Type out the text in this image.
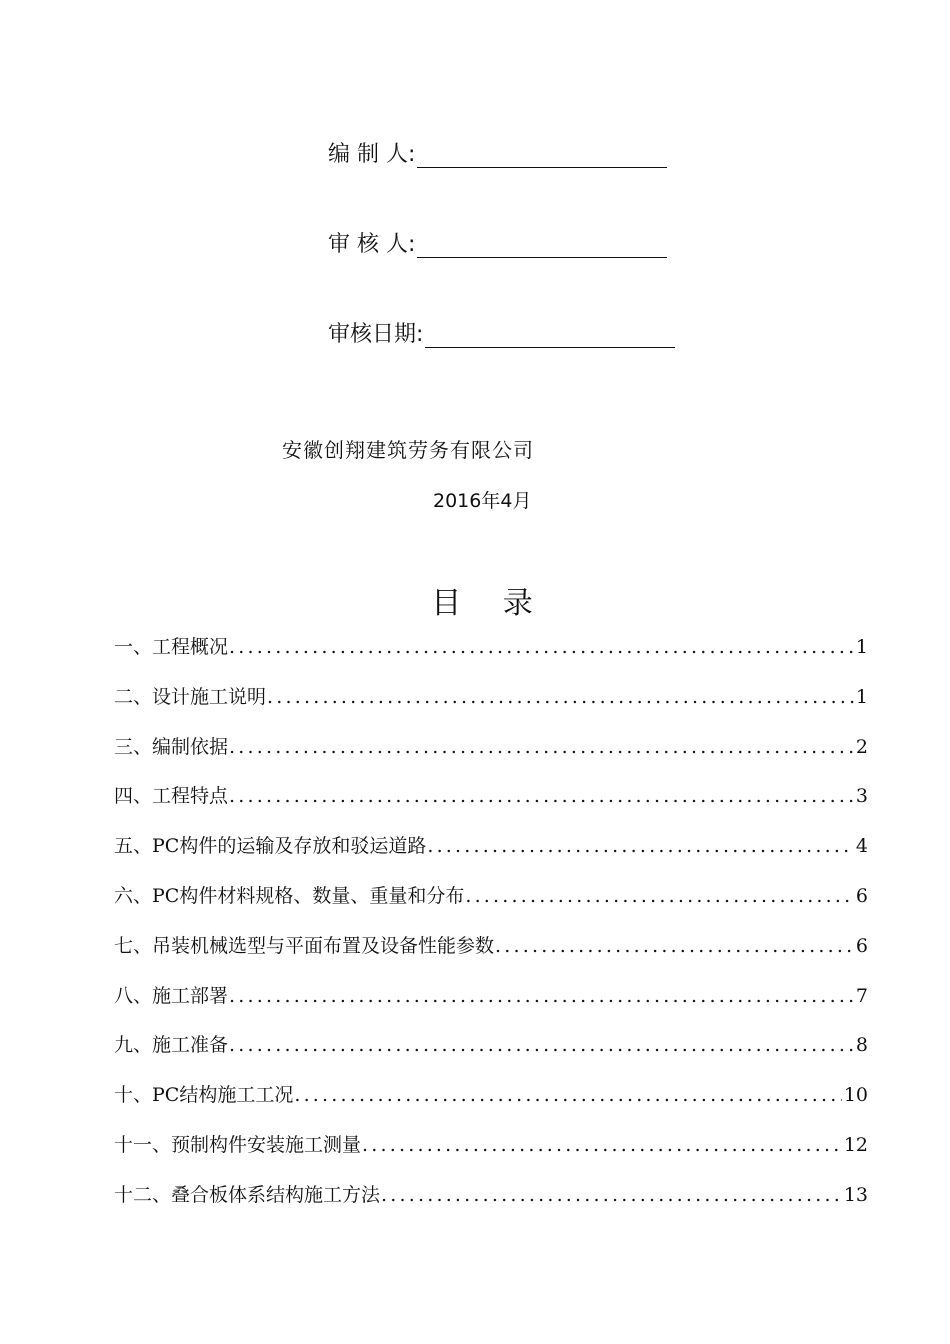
编 制 人:
审 核 人:
审核日期:
安徽创翔建筑劳务有限公司
2016年4月
目 录
一、工程概况 .....	1
二、设计施工说明 .....	1
三、编制依据 .....	2
四、工程特点 .....	3
五、PC构件的运输及存放和驳运道路 .....	4
六、PC构件材料规格、数量、重量和分布 .....	6
七、吊装机械选型与平面布置及设备性能参数 .....	6
八、施工部署 .....	7
九、施工准备 .....	8
十、PC结构施工工况 .....	10
十一、预制构件安装施工测量 .....	12
十二、叠合板体系结构施工方法 .....	13
